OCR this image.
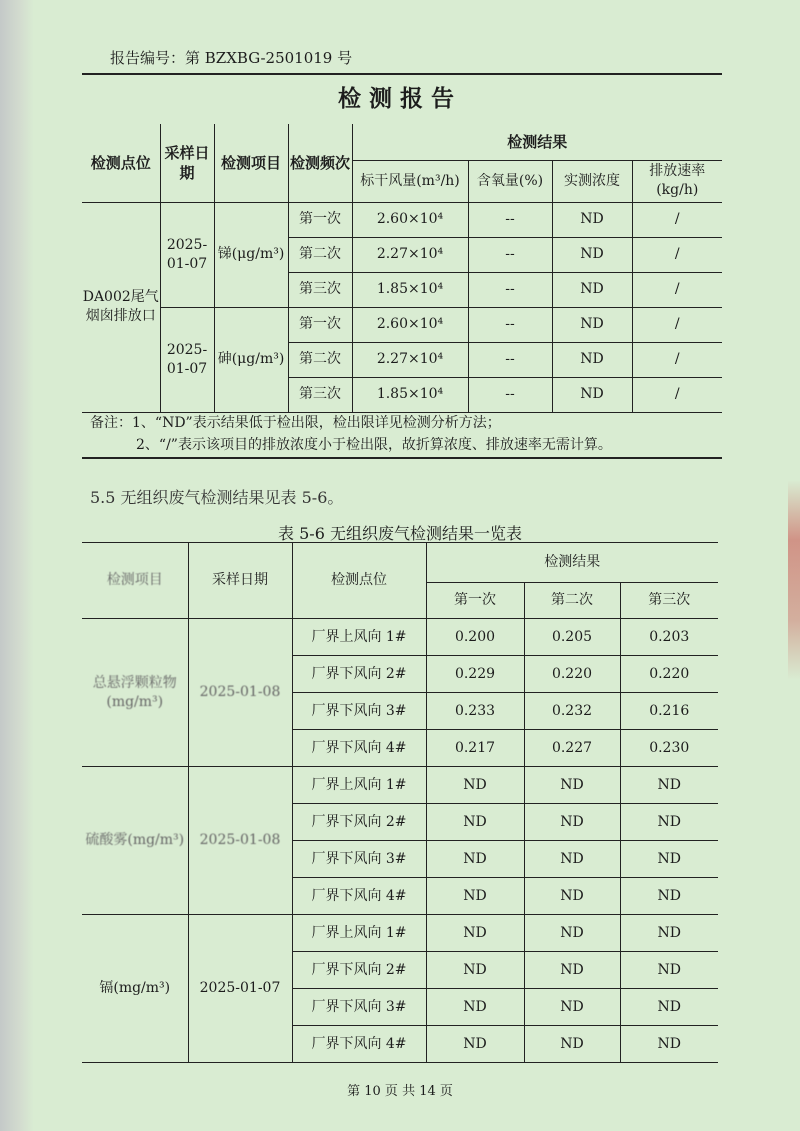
报告编号：第 BZXBG-2501019 号
检测报告
检测点位	采样日期	检测项目	检测频次	检测结果			
				标干风量(m³/h)	含氧量(%)	实测浓度	排放速率(kg/h)
DA002尾气烟囱排放口	2025-01-07	锑(μg/m³)	第一次	2.60×10⁴	--	ND	/
			第二次	2.27×10⁴	--	ND	/
			第三次	1.85×10⁴	--	ND	/
	2025-01-07	砷(μg/m³)	第一次	2.60×10⁴	--	ND	/
			第二次	2.27×10⁴	--	ND	/
			第三次	1.85×10⁴	--	ND	/
备注：1、“ND”表示结果低于检出限，检出限详见检测分析方法；
2、“/”表示该项目的排放浓度小于检出限，故折算浓度、排放速率无需计算。
5.5 无组织废气检测结果见表 5-6。
表 5-6 无组织废气检测结果一览表
检测项目	采样日期	检测点位	检测结果		
			第一次	第二次	第三次
总悬浮颗粒物(mg/m³)	2025-01-08	厂界上风向 1#	0.200	0.205	0.203
		厂界下风向 2#	0.229	0.220	0.220
		厂界下风向 3#	0.233	0.232	0.216
		厂界下风向 4#	0.217	0.227	0.230
硫酸雾(mg/m³)	2025-01-08	厂界上风向 1#	ND	ND	ND
		厂界下风向 2#	ND	ND	ND
		厂界下风向 3#	ND	ND	ND
		厂界下风向 4#	ND	ND	ND
镉(mg/m³)	2025-01-07	厂界上风向 1#	ND	ND	ND
		厂界下风向 2#	ND	ND	ND
		厂界下风向 3#	ND	ND	ND
		厂界下风向 4#	ND	ND	ND
第 10 页 共 14 页
